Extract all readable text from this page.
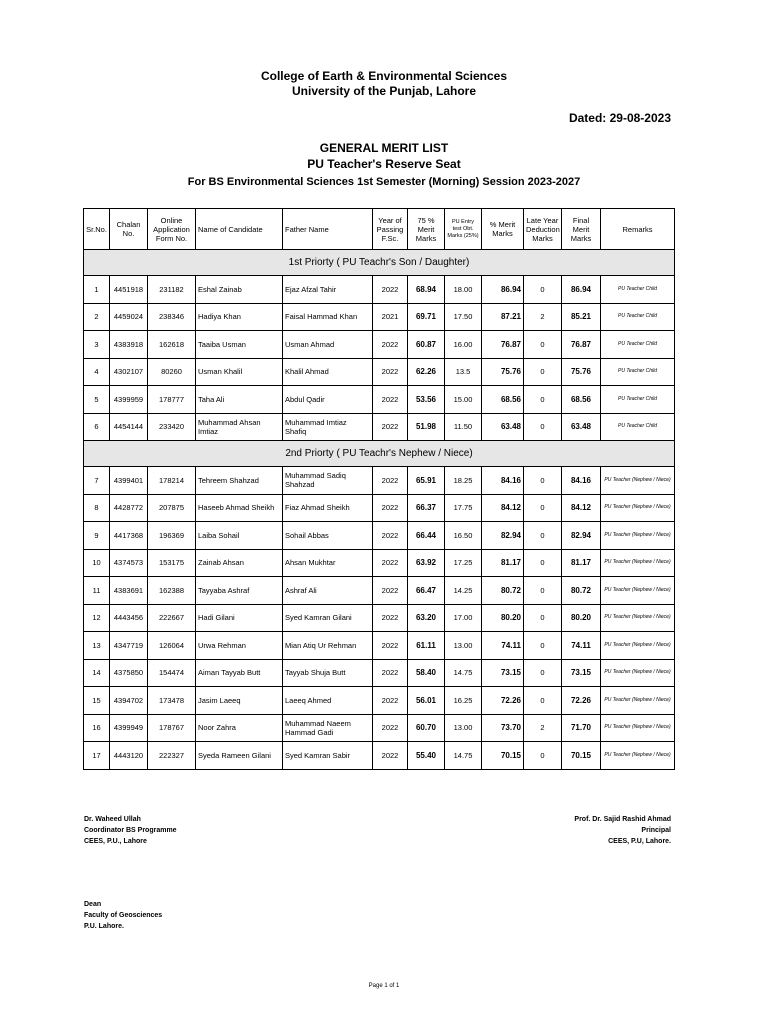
College of Earth & Environmental Sciences
University of the Punjab, Lahore
Dated: 29-08-2023
GENERAL MERIT LIST
PU Teacher's Reserve Seat
For BS Environmental Sciences 1st Semester (Morning) Session 2023-2027
Sr.No.	Chalan No.	Online Application Form No.	Name of Candidate	Father Name	Year of Passing F.Sc.	75 % Merit Marks	PU Entry test Obt. Marks (25%)	% Merit Marks	Late Year Deduction Marks	Final Merit Marks	Remarks
1st Priorty ( PU Teachr's Son / Daughter)											
1	4451918	231182	Eshal Zainab	Ejaz Afzal Tahir	2022	68.94	18.00	86.94	0	86.94	PU Teacher Child
2	4459024	238346	Hadiya Khan	Faisal Hammad Khan	2021	69.71	17.50	87.21	2	85.21	PU Teacher Child
3	4383918	162618	Taaiba Usman	Usman Ahmad	2022	60.87	16.00	76.87	0	76.87	PU Teacher Child
4	4302107	80260	Usman Khalil	Khalil Ahmad	2022	62.26	13.5	75.76	0	75.76	PU Teacher Child
5	4399959	178777	Taha Ali	Abdul Qadir	2022	53.56	15.00	68.56	0	68.56	PU Teacher Child
6	4454144	233420	Muhammad Ahsan Imtiaz	Muhammad Imtiaz Shafiq	2022	51.98	11.50	63.48	0	63.48	PU Teacher Child
2nd Priorty ( PU Teachr's Nephew / Niece)											
7	4399401	178214	Tehreem Shahzad	Muhammad Sadiq Shahzad	2022	65.91	18.25	84.16	0	84.16	PU Teacher (Nephew / Niece)
8	4428772	207875	Haseeb Ahmad Sheikh	Fiaz Ahmad Sheikh	2022	66.37	17.75	84.12	0	84.12	PU Teacher (Nephew / Niece)
9	4417368	196369	Laiba Sohail	Sohail Abbas	2022	66.44	16.50	82.94	0	82.94	PU Teacher (Nephew / Niece)
10	4374573	153175	Zainab Ahsan	Ahsan Mukhtar	2022	63.92	17.25	81.17	0	81.17	PU Teacher (Nephew / Niece)
11	4383691	162388	Tayyaba Ashraf	Ashraf Ali	2022	66.47	14.25	80.72	0	80.72	PU Teacher (Nephew / Niece)
12	4443456	222667	Hadi Gilani	Syed Kamran Gilani	2022	63.20	17.00	80.20	0	80.20	PU Teacher (Nephew / Niece)
13	4347719	126064	Urwa Rehman	Mian Atiq Ur Rehman	2022	61.11	13.00	74.11	0	74.11	PU Teacher (Nephew / Niece)
14	4375850	154474	Aiman Tayyab Butt	Tayyab Shuja Butt	2022	58.40	14.75	73.15	0	73.15	PU Teacher (Nephew / Niece)
15	4394702	173478	Jasim Laeeq	Laeeq Ahmed	2022	56.01	16.25	72.26	0	72.26	PU Teacher (Nephew / Niece)
16	4399949	178767	Noor Zahra	Muhammad Naeem Hammad Gadi	2022	60.70	13.00	73.70	2	71.70	PU Teacher (Nephew / Niece)
17	4443120	222327	Syeda Rameen Gilani	Syed Kamran Sabir	2022	55.40	14.75	70.15	0	70.15	PU Teacher (Nephew / Niece)
Dr. Waheed Ullah
Coordinator BS Programme
CEES, P.U., Lahore
Prof. Dr. Sajid Rashid Ahmad
Principal
CEES, P.U, Lahore.
Dean
Faculty of Geosciences
P.U. Lahore.
Page 1 of 1
